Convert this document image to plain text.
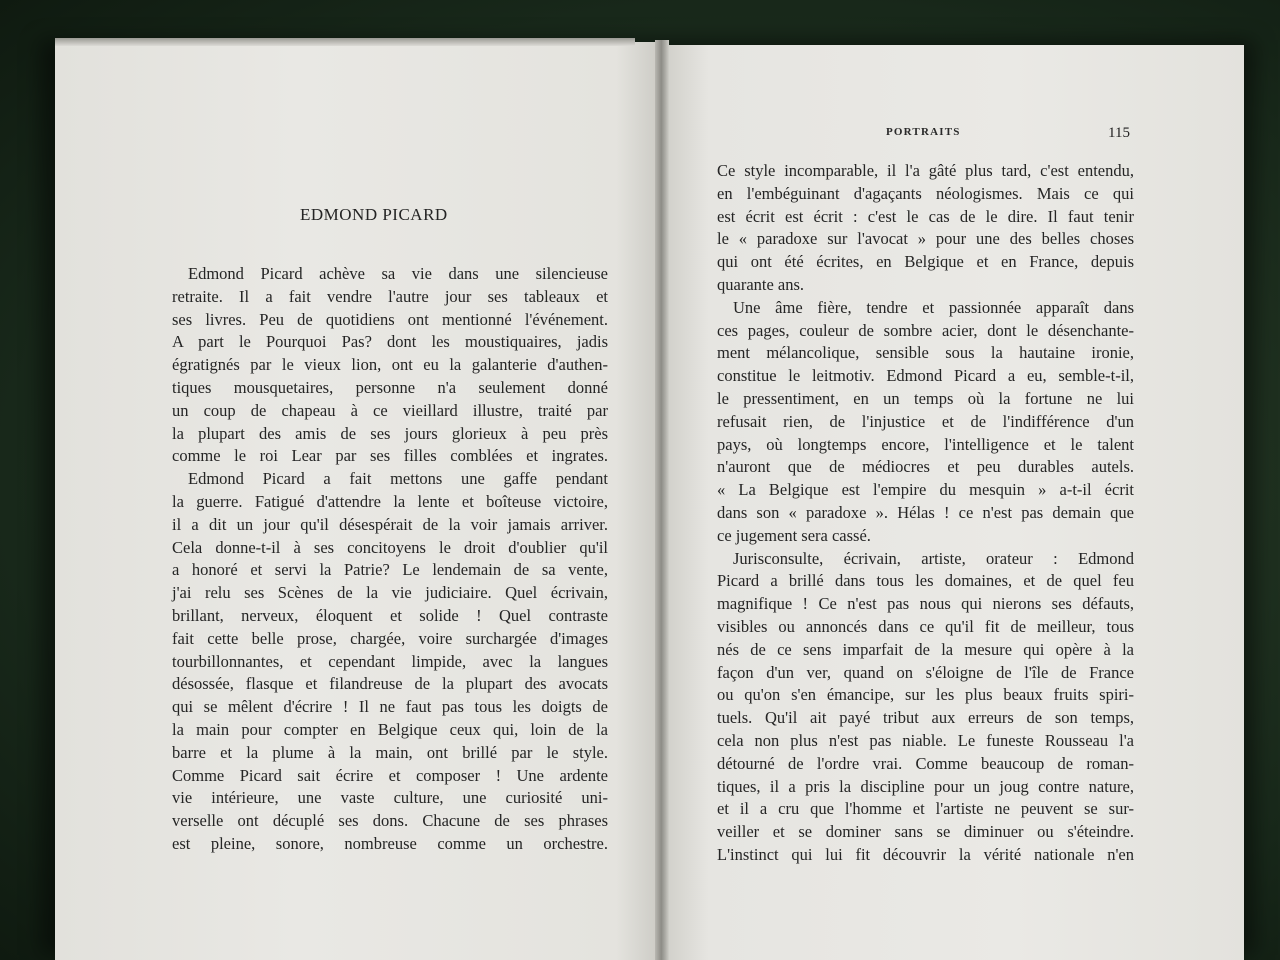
EDMOND PICARD
Edmond Picard achève sa vie dans une silencieuse
retraite. Il a fait vendre l'autre jour ses tableaux et
ses livres. Peu de quotidiens ont mentionné l'événement.
A part le Pourquoi Pas? dont les moustiquaires, jadis
égratignés par le vieux lion, ont eu la galanterie d'authen-
tiques mousquetaires, personne n'a seulement donné
un coup de chapeau à ce vieillard illustre, traité par
la plupart des amis de ses jours glorieux à peu près
comme le roi Lear par ses filles comblées et ingrates.
Edmond Picard a fait mettons une gaffe pendant
la guerre. Fatigué d'attendre la lente et boîteuse victoire,
il a dit un jour qu'il désespérait de la voir jamais arriver.
Cela donne-t-il à ses concitoyens le droit d'oublier qu'il
a honoré et servi la Patrie? Le lendemain de sa vente,
j'ai relu ses Scènes de la vie judiciaire. Quel écrivain,
brillant, nerveux, éloquent et solide ! Quel contraste
fait cette belle prose, chargée, voire surchargée d'images
tourbillonnantes, et cependant limpide, avec la langues
désossée, flasque et filandreuse de la plupart des avocats
qui se mêlent d'écrire ! Il ne faut pas tous les doigts de
la main pour compter en Belgique ceux qui, loin de la
barre et la plume à la main, ont brillé par le style.
Comme Picard sait écrire et composer ! Une ardente
vie intérieure, une vaste culture, une curiosité uni-
verselle ont décuplé ses dons. Chacune de ses phrases
est pleine, sonore, nombreuse comme un orchestre.
PORTRAITS	115
Ce style incomparable, il l'a gâté plus tard, c'est entendu,
en l'embéguinant d'agaçants néologismes. Mais ce qui
est écrit est écrit : c'est le cas de le dire. Il faut tenir
le « paradoxe sur l'avocat » pour une des belles choses
qui ont été écrites, en Belgique et en France, depuis
quarante ans.
Une âme fière, tendre et passionnée apparaît dans
ces pages, couleur de sombre acier, dont le désenchante-
ment mélancolique, sensible sous la hautaine ironie,
constitue le leitmotiv. Edmond Picard a eu, semble-t-il,
le pressentiment, en un temps où la fortune ne lui
refusait rien, de l'injustice et de l'indifférence d'un
pays, où longtemps encore, l'intelligence et le talent
n'auront que de médiocres et peu durables autels.
« La Belgique est l'empire du mesquin » a-t-il écrit
dans son « paradoxe ». Hélas ! ce n'est pas demain que
ce jugement sera cassé.
Jurisconsulte, écrivain, artiste, orateur : Edmond
Picard a brillé dans tous les domaines, et de quel feu
magnifique ! Ce n'est pas nous qui nierons ses défauts,
visibles ou annoncés dans ce qu'il fit de meilleur, tous
nés de ce sens imparfait de la mesure qui opère à la
façon d'un ver, quand on s'éloigne de l'île de France
ou qu'on s'en émancipe, sur les plus beaux fruits spiri-
tuels. Qu'il ait payé tribut aux erreurs de son temps,
cela non plus n'est pas niable. Le funeste Rousseau l'a
détourné de l'ordre vrai. Comme beaucoup de roman-
tiques, il a pris la discipline pour un joug contre nature,
et il a cru que l'homme et l'artiste ne peuvent se sur-
veiller et se dominer sans se diminuer ou s'éteindre.
L'instinct qui lui fit découvrir la vérité nationale n'en
